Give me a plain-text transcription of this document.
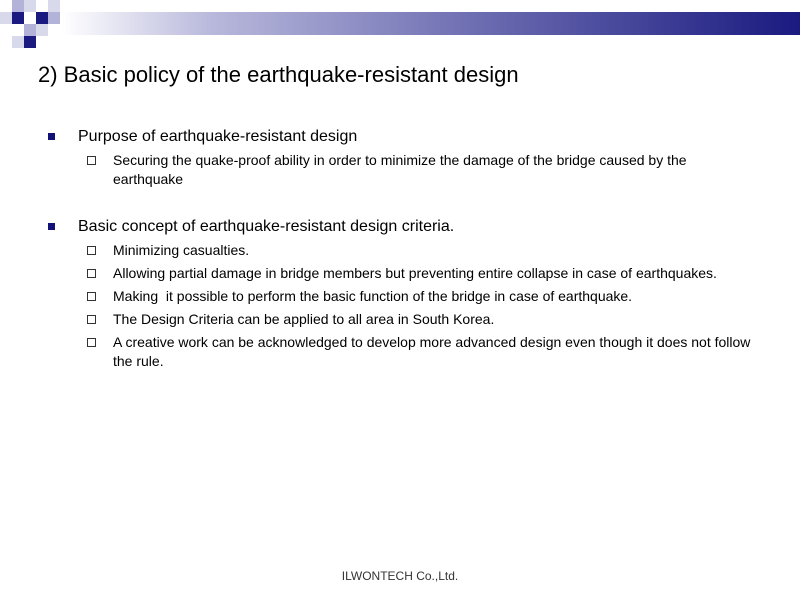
2) Basic policy of the earthquake-resistant design
Purpose of earthquake-resistant design
Securing the quake-proof ability in order to minimize the damage of the bridge caused by the earthquake
Basic concept of earthquake-resistant design criteria.
Minimizing casualties.
Allowing partial damage in bridge members but preventing entire collapse in case of earthquakes.
Making  it possible to perform the basic function of the bridge in case of earthquake.
The Design Criteria can be applied to all area in South Korea.
A creative work can be acknowledged to develop more advanced design even though it does not follow the rule.
ILWONTECH Co.,Ltd.
